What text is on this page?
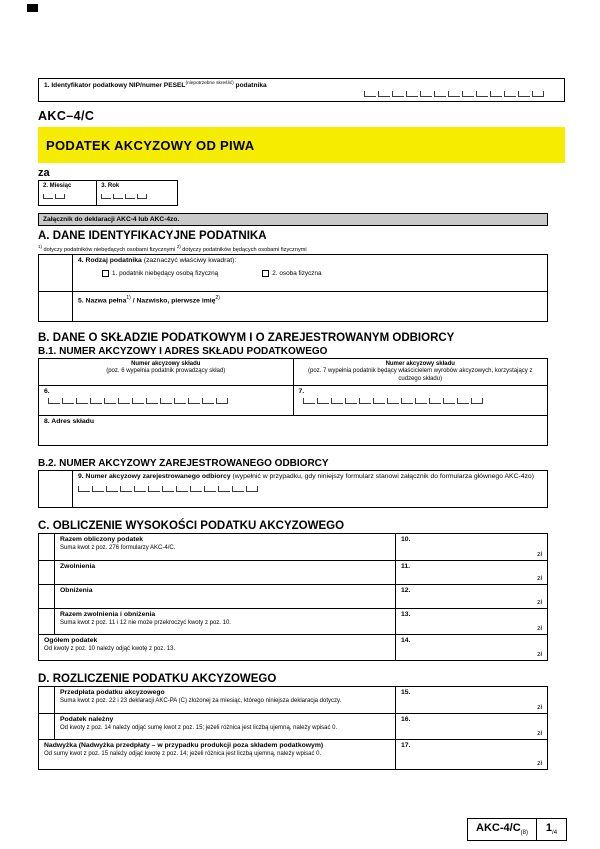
1. Identyfikator podatkowy NIP/numer $PESEL^{(niepotrzebne skreślić)}$ podatnika
AKC–4/C
PODATEK AKCYZOWY OD PIWA
za
2. Miesiąc	3. Rok
Załącznik do deklaracji AKC-4 lub AKC-4zo.
A. DANE IDENTYFIKACYJNE PODATNIKA
$^{1)}$ dotyczy podatników niebędących osobami fizycznymi $^{2)}$ dotyczy podatników będących osobami fizycznymi
4. Rodzaj podatnika (zaznaczyć właściwy kwadrat):
1. podatnik niebędący osobą fizyczną	2. osoba fizyczna
5. Nazwa pełna$^{1)}$ / Nazwisko, pierwsze imię$^{2)}$
B. DANE O SKŁADZIE PODATKOWYM I O ZAREJESTROWANYM ODBIORCY
B.1. NUMER AKCYZOWY I ADRES SKŁADU PODATKOWEGO
Numer akcyzowy składu
(poz. 6 wypełnia podatnik prowadzący skład)
Numer akcyzowy składu
(poz. 7 wypełnia podatnik będący właścicielem wyrobów akcyzowych, korzystający z cudzego składu)
6.	7.
8. Adres składu
B.2. NUMER AKCYZOWY ZAREJESTROWANEGO ODBIORCY
9. Numer akcyzowy zarejestrowanego odbiorcy (wypełnić w przypadku, gdy niniejszy formularz stanowi załącznik do formularza głównego AKC-4zo)
C. OBLICZENIE WYSOKOŚCI PODATKU AKCYZOWEGO
Razem obliczony podatek
Suma kwot z poz. 276 formularzy AKC-4/C.
10.
zł
Zwolnienia	11.
zł
Obniżenia	12.
zł
Razem zwolnienia i obniżenia
Suma kwot z poz. 11 i 12 nie może przekroczyć kwoty z poz. 10.
13.
zł
Ogółem podatek
Od kwoty z poz. 10 należy odjąć kwotę z poz. 13.
14.
zł
D. ROZLICZENIE PODATKU AKCYZOWEGO
Przedpłata podatku akcyzowego
Suma kwot z poz. 22 i 23 deklaracji AKC-PA (C) złożonej za miesiąc, którego niniejsza deklaracja dotyczy.
15.
zł
Podatek należny
Od kwoty z poz. 14 należy odjąć sumę kwot z poz. 15; jeżeli różnica jest liczbą ujemną, należy wpisać 0.
16.
zł
Nadwyżka (Nadwyżka przedpłaty – w przypadku produkcji poza składem podatkowym)
Od sumy kwot z poz. 15 należy odjąć kwotę z poz. 14; jeżeli różnica jest liczbą ujemną, należy wpisać 0.
17.
zł
AKC-$4/C_{(8)}$	$1_{/4}$
